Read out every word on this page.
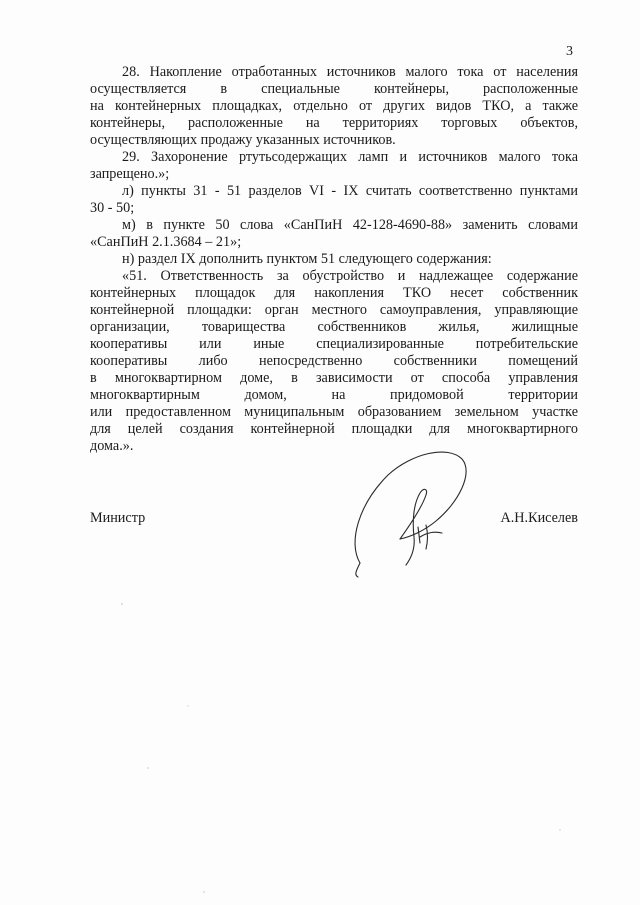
3
28. Накопление отработанных источников малого тока от населения
осуществляется в специальные контейнеры, расположенные
на контейнерных площадках, отдельно от других видов ТКО, а также
контейнеры, расположенные на территориях торговых объектов,
осуществляющих продажу указанных источников.
29. Захоронение ртутьсодержащих ламп и источников малого тока
запрещено.»;
л) пункты 31 - 51 разделов VI - IX считать соответственно пунктами
30 - 50;
м) в пункте 50 слова «СанПиН 42-128-4690-88» заменить словами
«СанПиН 2.1.3684 – 21»;
н) раздел IX дополнить пунктом 51 следующего содержания:
«51. Ответственность за обустройство и надлежащее содержание
контейнерных площадок для накопления ТКО несет собственник
контейнерной площадки: орган местного самоуправления, управляющие
организации, товарищества собственников жилья, жилищные
кооперативы или иные специализированные потребительские
кооперативы либо непосредственно собственники помещений
в многоквартирном доме, в зависимости от способа управления
многоквартирным домом, на придомовой территории
или предоставленном муниципальным образованием земельном участке
для целей создания контейнерной площадки для многоквартирного
дома.».
Министр	А.Н.Киселев
